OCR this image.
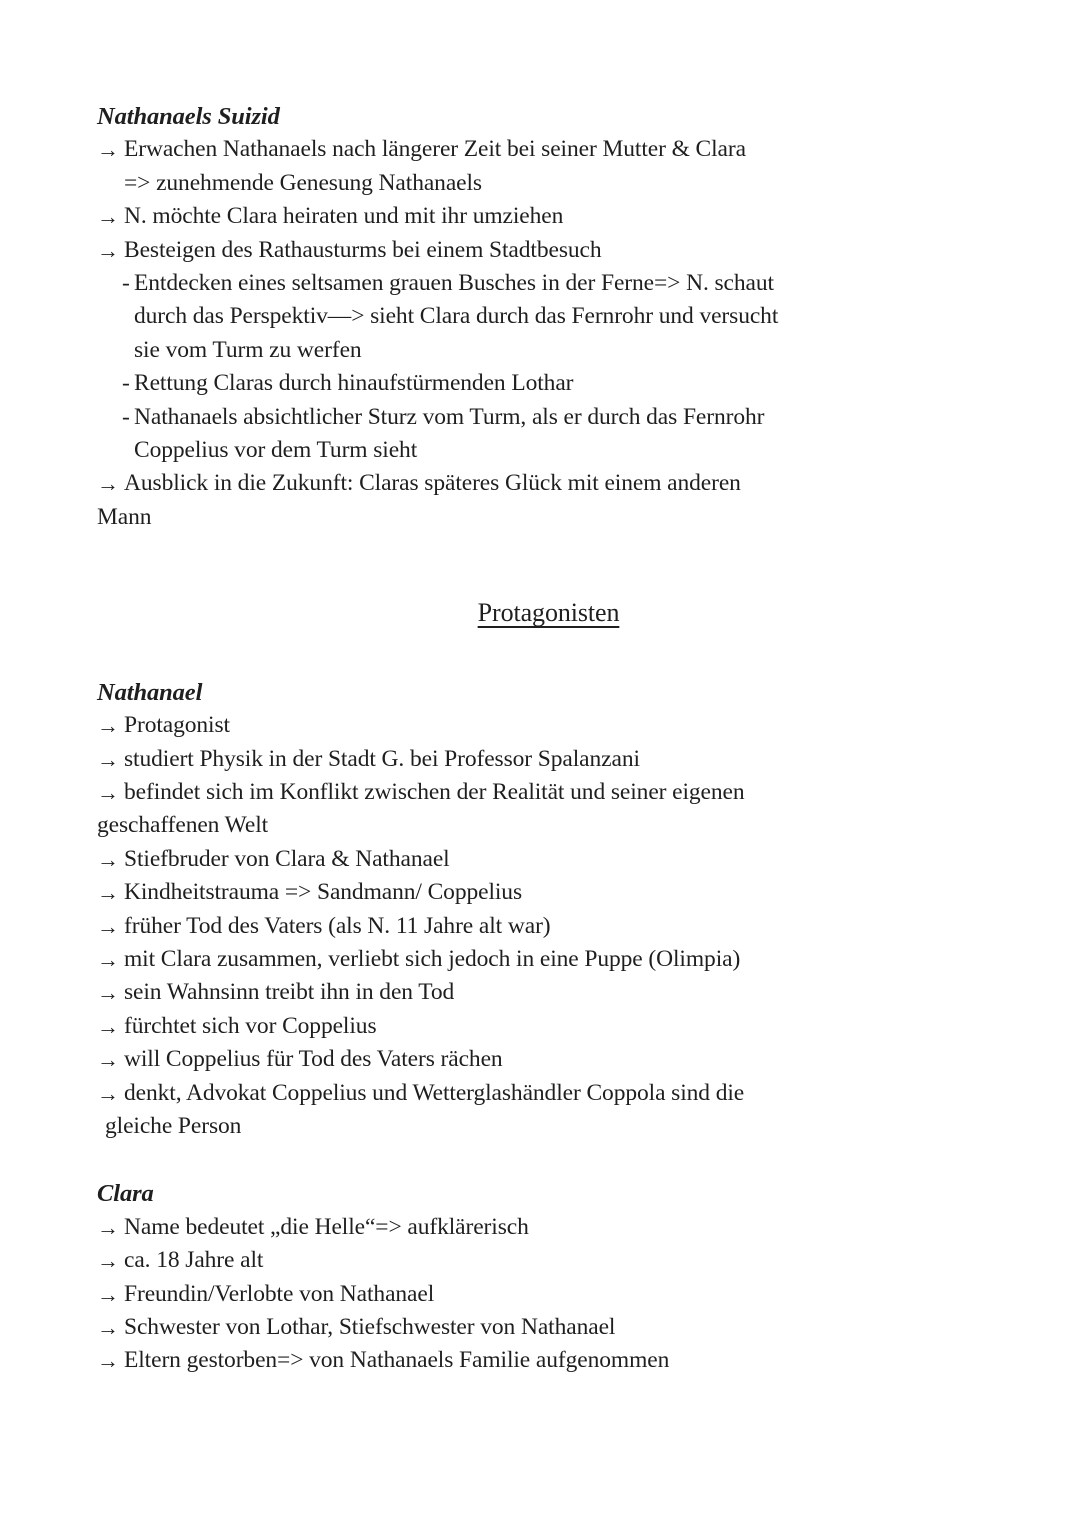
Nathanaels Suizid
→ Erwachen Nathanaels nach längerer Zeit bei seiner Mutter & Clara
=> zunehmende Genesung Nathanaels
→ N. möchte Clara heiraten und mit ihr umziehen
→ Besteigen des Rathausturms bei einem Stadtbesuch
- Entdecken eines seltsamen grauen Busches in der Ferne=> N. schaut
durch das Perspektiv—> sieht Clara durch das Fernrohr und versucht
sie vom Turm zu werfen
- Rettung Claras durch hinaufstürmenden Lothar
- Nathanaels absichtlicher Sturz vom Turm, als er durch das Fernrohr
Coppelius vor dem Turm sieht
→ Ausblick in die Zukunft: Claras späteres Glück mit einem anderen
Mann
Protagonisten
Nathanael
→ Protagonist
→ studiert Physik in der Stadt G. bei Professor Spalanzani
→ befindet sich im Konflikt zwischen der Realität und seiner eigenen
geschaffenen Welt
→ Stiefbruder von Clara & Nathanael
→ Kindheitstrauma => Sandmann/ Coppelius
→ früher Tod des Vaters (als N. 11 Jahre alt war)
→ mit Clara zusammen, verliebt sich jedoch in eine Puppe (Olimpia)
→ sein Wahnsinn treibt ihn in den Tod
→ fürchtet sich vor Coppelius
→ will Coppelius für Tod des Vaters rächen
→ denkt, Advokat Coppelius und Wetterglashändler Coppola sind die
gleiche Person
Clara
→ Name bedeutet „die Helle“=> aufklärerisch
→ ca. 18 Jahre alt
→ Freundin/Verlobte von Nathanael
→ Schwester von Lothar, Stiefschwester von Nathanael
→ Eltern gestorben=> von Nathanaels Familie aufgenommen
